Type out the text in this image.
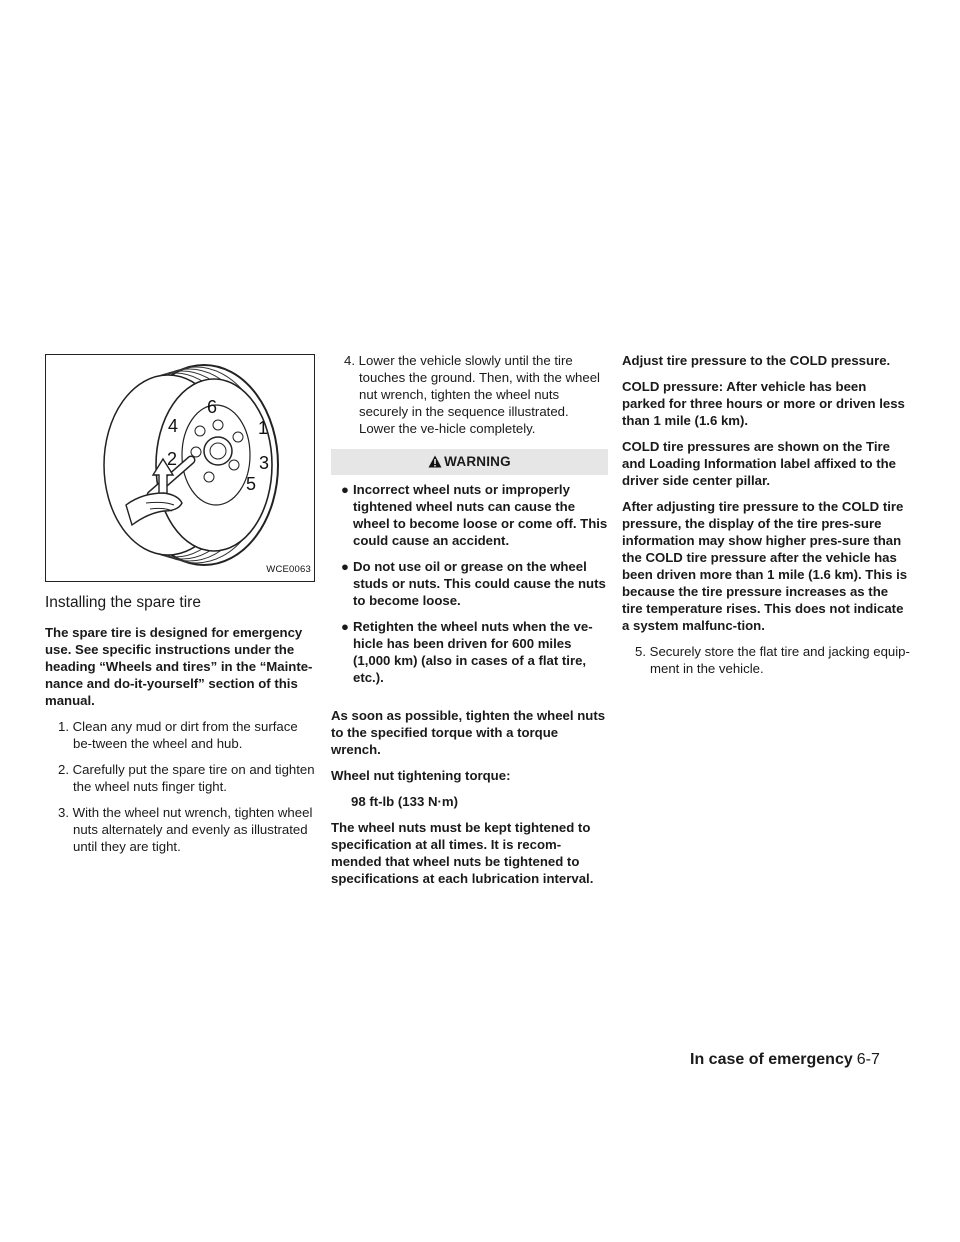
1
2	3
4
5
6
WCE0063
Installing the spare tire

The spare tire is designed for emergency use. See specific instructions under the heading “Wheels and tires” in the “Mainte-nance and do-it-yourself” section of this manual.

1. Clean any mud or dirt from the surface be-tween the wheel and hub.
2. Carefully put the spare tire on and tighten the wheel nuts finger tight.
3. With the wheel nut wrench, tighten wheel nuts alternately and evenly as illustrated until they are tight.
4. Lower the vehicle slowly until the tire touches the ground. Then, with the wheel nut wrench, tighten the wheel nuts securely in the sequence illustrated. Lower the ve-hicle completely.
WARNING
● Incorrect wheel nuts or improperly tightened wheel nuts can cause the wheel to become loose or come off. This could cause an accident.
● Do not use oil or grease on the wheel studs or nuts. This could cause the nuts to become loose.
● Retighten the wheel nuts when the ve-hicle has been driven for 600 miles (1,000 km) (also in cases of a flat tire, etc.).

As soon as possible, tighten the wheel nuts to the specified torque with a torque wrench.

Wheel nut tightening torque:

98 ft-lb (133 N·m)

The wheel nuts must be kept tightened to specification at all times. It is recom-mended that wheel nuts be tightened to specifications at each lubrication interval.

Adjust tire pressure to the COLD pressure.

COLD pressure: After vehicle has been parked for three hours or more or driven less than 1 mile (1.6 km).

COLD tire pressures are shown on the Tire and Loading Information label affixed to the driver side center pillar.

After adjusting tire pressure to the COLD tire pressure, the display of the tire pres-sure information may show higher pres-sure than the COLD tire pressure after the vehicle has been driven more than 1 mile (1.6 km). This is because the tire pressure increases as the tire temperature rises. This does not indicate a system malfunc-tion.

5. Securely store the flat tire and jacking equip-ment in the vehicle.
In case of emergency 6-7
